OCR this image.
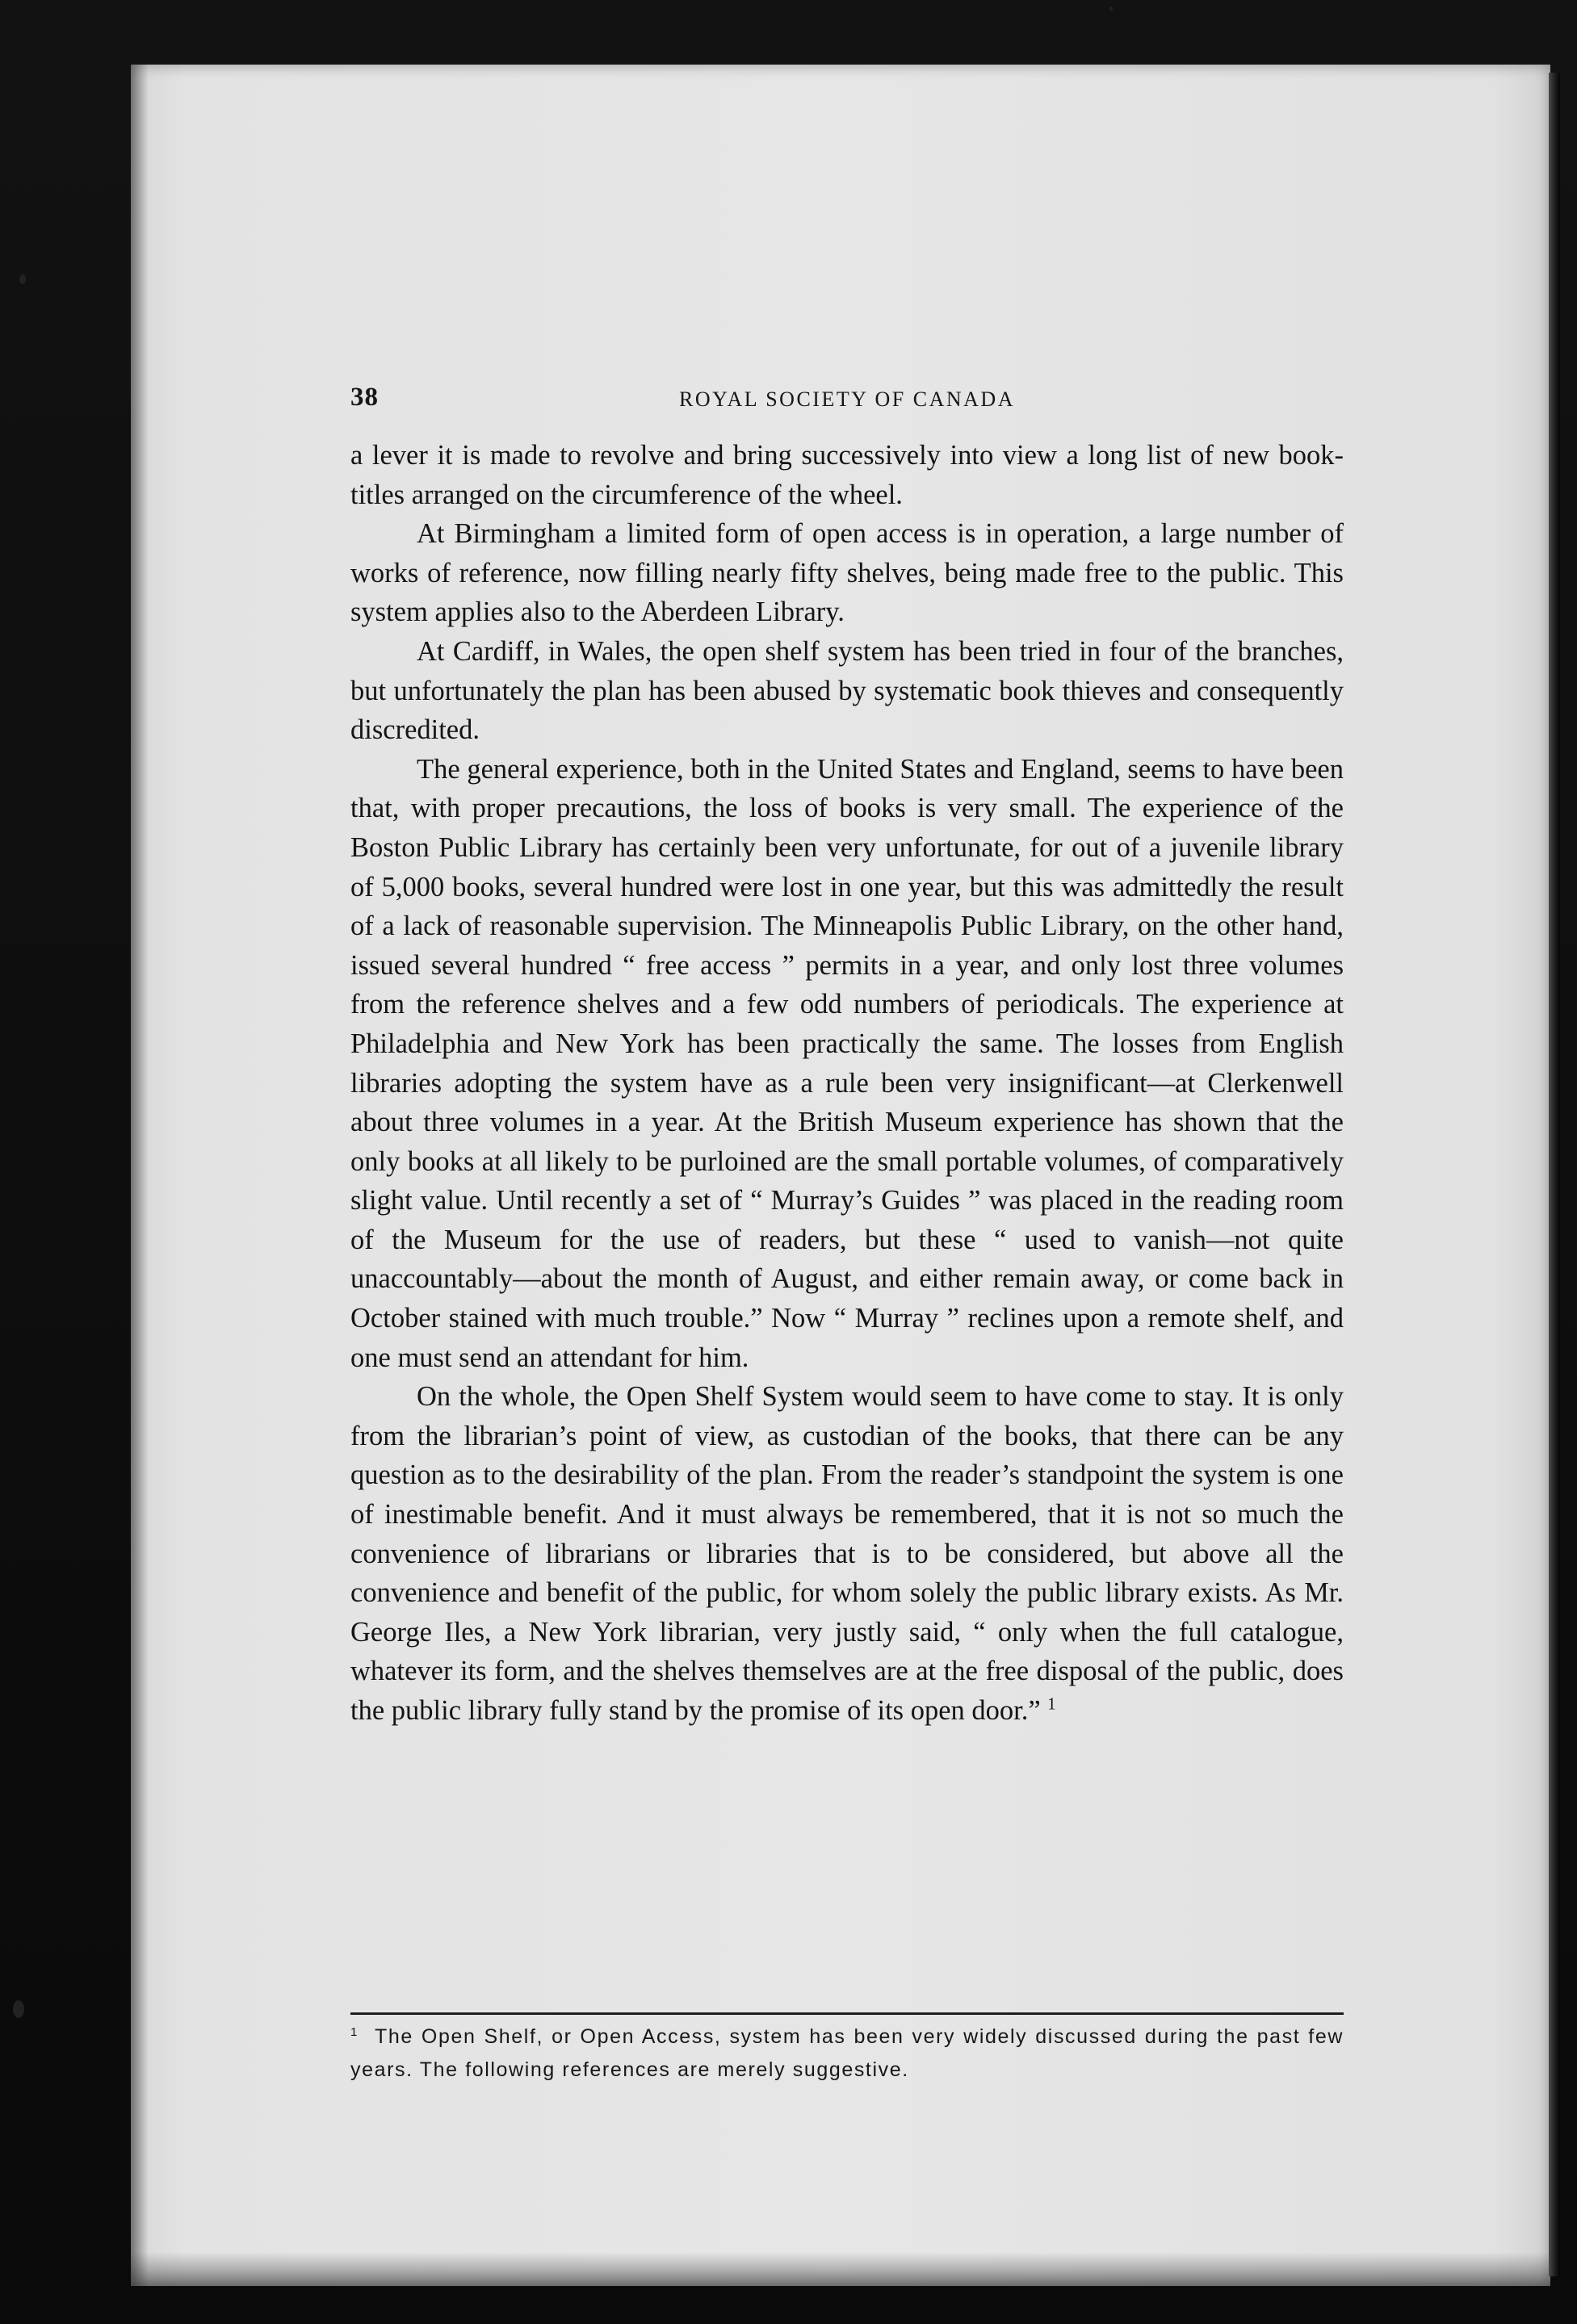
38	ROYAL SOCIETY OF CANADA

a lever it is made to revolve and bring successively into view a long list of new book-titles arranged on the circumference of the wheel.

At Birmingham a limited form of open access is in operation, a large number of works of reference, now filling nearly fifty shelves, being made free to the public. This system applies also to the Aberdeen Library.

At Cardiff, in Wales, the open shelf system has been tried in four of the branches, but unfortunately the plan has been abused by systematic book thieves and consequently discredited.

The general experience, both in the United States and England, seems to have been that, with proper precautions, the loss of books is very small. The experience of the Boston Public Library has certainly been very unfortunate, for out of a juvenile library of 5,000 books, several hundred were lost in one year, but this was admittedly the result of a lack of reasonable supervision. The Minneapolis Public Library, on the other hand, issued several hundred “ free access ” permits in a year, and only lost three volumes from the reference shelves and a few odd numbers of periodicals. The experience at Philadelphia and New York has been practically the same. The losses from English libraries adopting the system have as a rule been very insignificant—at Clerkenwell about three volumes in a year. At the British Museum experience has shown that the only books at all likely to be purloined are the small portable volumes, of comparatively slight value. Until recently a set of “ Murray’s Guides ” was placed in the reading room of the Museum for the use of readers, but these “ used to vanish—not quite unaccountably—about the month of August, and either remain away, or come back in October stained with much trouble.” Now “ Murray ” reclines upon a remote shelf, and one must send an attendant for him.

On the whole, the Open Shelf System would seem to have come to stay. It is only from the librarian’s point of view, as custodian of the books, that there can be any question as to the desirability of the plan. From the reader’s standpoint the system is one of inestimable benefit. And it must always be remembered, that it is not so much the convenience of librarians or libraries that is to be considered, but above all the convenience and benefit of the public, for whom solely the public library exists. As Mr. George Iles, a New York librarian, very justly said, “ only when the full catalogue, whatever its form, and the shelves themselves are at the free disposal of the public, does the public library fully stand by the promise of its open door.” $^1$

$^1$ The Open Shelf, or Open Access, system has been very widely discussed during the past few years. The following references are merely suggestive.
